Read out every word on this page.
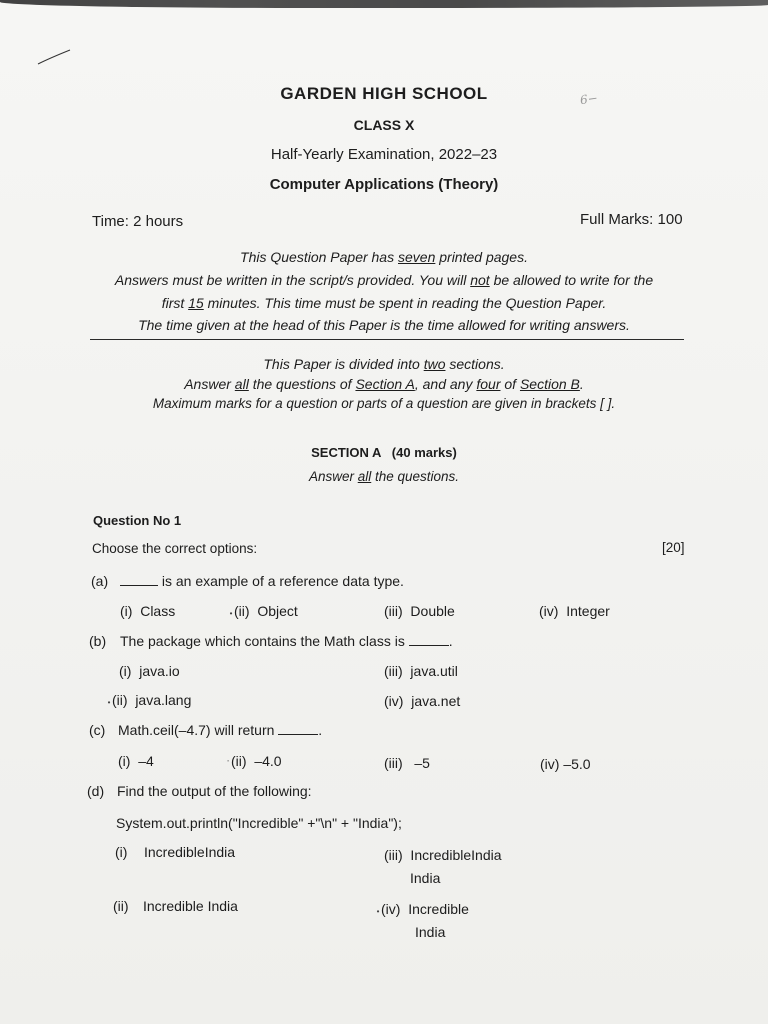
6−
GARDEN HIGH SCHOOL
CLASS X
Half-Yearly Examination, 2022–23
Computer Applications (Theory)
Time: 2 hours	Full Marks: 100
This Question Paper has seven printed pages.
Answers must be written in the script/s provided. You will not be allowed to write for the
first 15 minutes. This time must be spent in reading the Question Paper.
The time given at the head of this Paper is the time allowed for writing answers.
This Paper is divided into two sections.
Answer all the questions of Section A, and any four of Section B.
Maximum marks for a question or parts of a question are given in brackets [ ].
SECTION A   (40 marks)
Answer all the questions.
Question No 1
Choose the correct options:	[20]
(a)	is an example of a reference data type.
(i)  Class	• (ii)  Object	(iii)  Double	(iv)  Integer
(b) The package which contains the Math class is	.
(i)  java.io	(iii)  java.util
• (ii)  java.lang	(iv)  java.net
(c) Math.ceil(–4.7) will return	.
(i)  –4	’ (ii)  –4.0	(iii)   –5	(iv) –5.0
(d) Find the output of the following:
System.out.println("Incredible" +"\n" + "India");
(i) IncredibleIndia	(iii)  IncredibleIndia
India
(ii) Incredible India	• (iv)  Incredible
India
